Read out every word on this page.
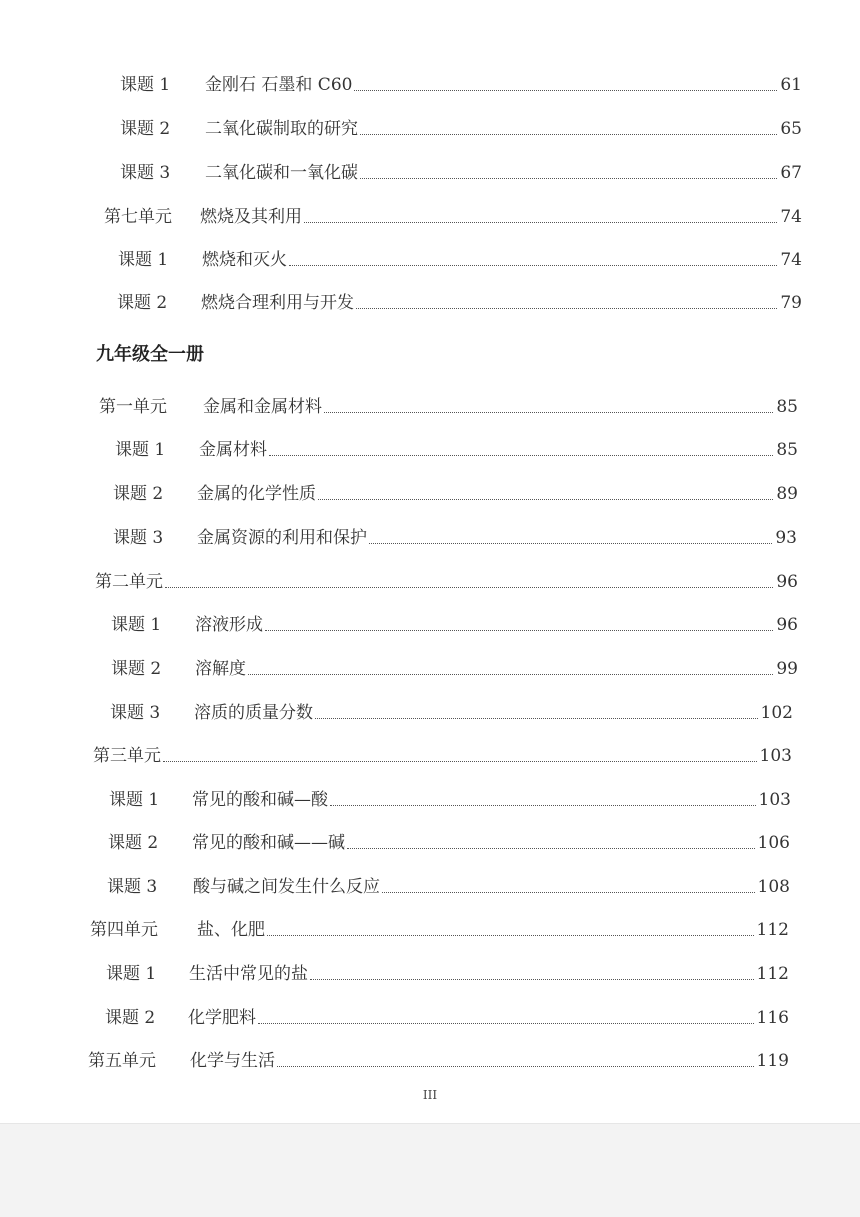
课题 1	金刚石 石墨和 C60	61
课题 2	二氧化碳制取的研究	65
课题 3	二氧化碳和一氧化碳	67
第七单元	燃烧及其利用	74
课题 1	燃烧和灭火	74
课题 2	燃烧合理利用与开发	79
九年级全一册
第一单元	金属和金属材料	85
课题 1	金属材料	85
课题 2	金属的化学性质	89
课题 3	金属资源的利用和保护	93
第二单元	96
课题 1	溶液形成	96
课题 2	溶解度	99
课题 3	溶质的质量分数	102
第三单元	103
课题 1	常见的酸和碱—酸	103
课题 2	常见的酸和碱——碱	106
课题 3	酸与碱之间发生什么反应	108
第四单元	盐、化肥	112
课题 1	生活中常见的盐	112
课题 2	化学肥料	116
第五单元	化学与生活	119
III
